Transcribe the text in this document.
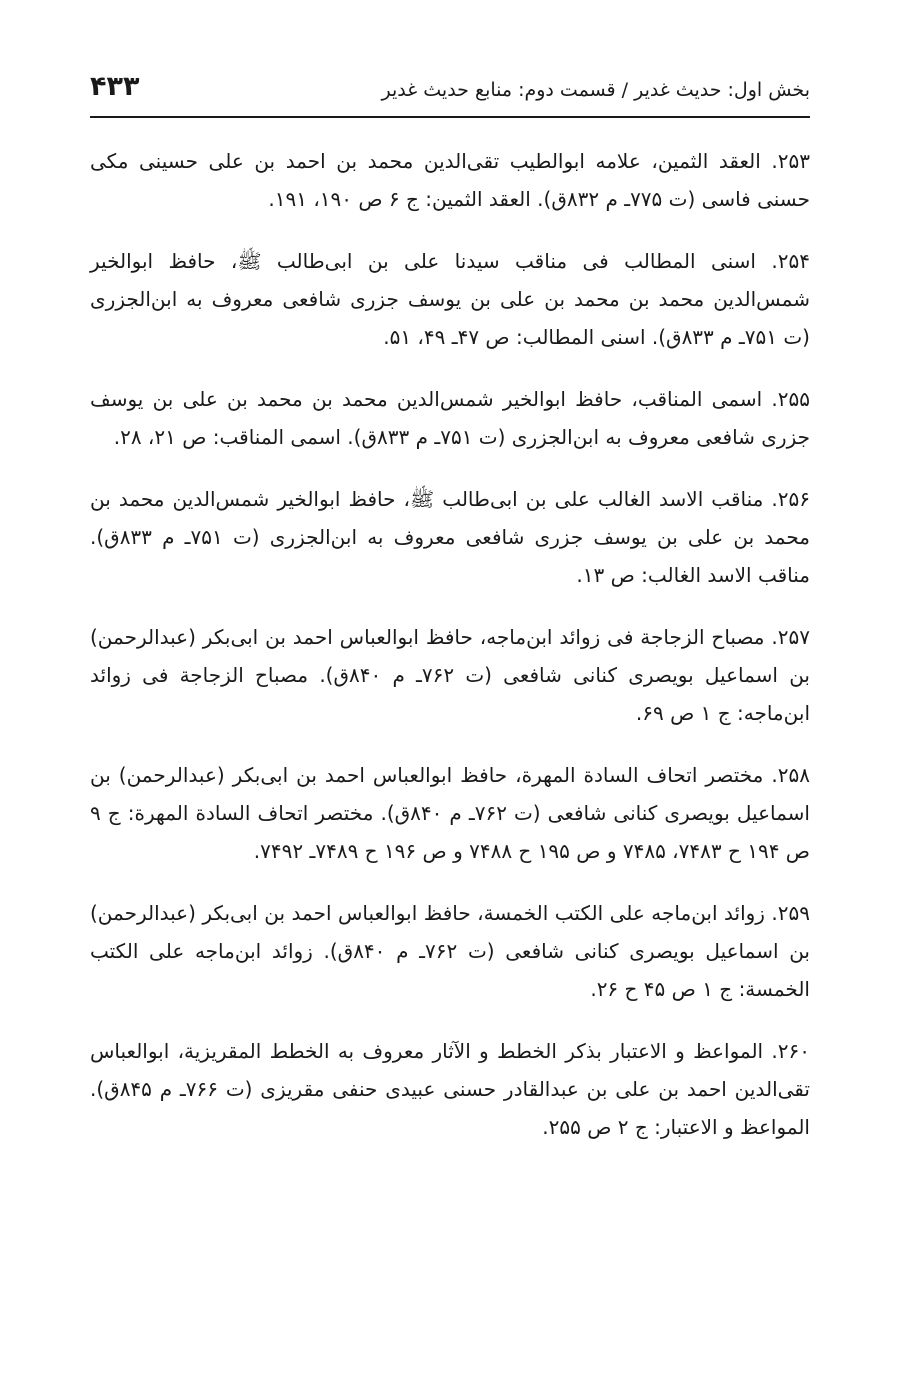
بخش اول: حدیث غدیر / قسمت دوم: منابع حدیث غدیر
۴۳۳

۲۵۳. العقد الثمین، علامه ابوالطیب تقی‌الدین محمد بن احمد بن علی حسینی مکی حسنی فاسی (ت ۷۷۵ـ م ۸۳۲ق). العقد الثمین: ج ۶ ص ۱۹۰، ۱۹۱.

۲۵۴. اسنی المطالب فی مناقب سیدنا علی بن ابی‌طالب ﷺ، حافظ ابوالخیر شمس‌الدین محمد بن محمد بن علی بن یوسف جزری شافعی معروف به ابن‌الجزری (ت ۷۵۱ـ م ۸۳۳ق). اسنی المطالب: ص ۴۷ـ ۴۹، ۵۱.

۲۵۵. اسمی المناقب، حافظ ابوالخیر شمس‌الدین محمد بن محمد بن علی بن یوسف جزری شافعی معروف به ابن‌الجزری (ت ۷۵۱ـ م ۸۳۳ق). اسمی المناقب: ص ۲۱، ۲۸.

۲۵۶. مناقب الاسد الغالب علی بن ابی‌طالب ﷺ، حافظ ابوالخیر شمس‌الدین محمد بن محمد بن علی بن یوسف جزری شافعی معروف به ابن‌الجزری (ت ۷۵۱ـ م ۸۳۳ق). مناقب الاسد الغالب: ص ۱۳.

۲۵۷. مصباح الزجاجة فی زوائد ابن‌ماجه، حافظ ابوالعباس احمد بن ابی‌بکر (عبدالرحمن) بن اسماعیل بویصری کنانی شافعی (ت ۷۶۲ـ م ۸۴۰ق). مصباح الزجاجة فی زوائد ابن‌ماجه: ج ۱ ص ۶۹.

۲۵۸. مختصر اتحاف السادة المهرة، حافظ ابوالعباس احمد بن ابی‌بکر (عبدالرحمن) بن اسماعیل بویصری کنانی شافعی (ت ۷۶۲ـ م ۸۴۰ق). مختصر اتحاف السادة المهرة: ج ۹ ص ۱۹۴ ح ۷۴۸۳، ۷۴۸۵ و ص ۱۹۵ ح ۷۴۸۸ و ص ۱۹۶ ح ۷۴۸۹ـ ۷۴۹۲.

۲۵۹. زوائد ابن‌ماجه علی الکتب الخمسة، حافظ ابوالعباس احمد بن ابی‌بکر (عبدالرحمن) بن اسماعیل بویصری کنانی شافعی (ت ۷۶۲ـ م ۸۴۰ق). زوائد ابن‌ماجه علی الکتب الخمسة: ج ۱ ص ۴۵ ح ۲۶.

۲۶۰. المواعظ و الاعتبار بذکر الخطط و الآثار معروف به الخطط المقریزیة، ابوالعباس تقی‌الدین احمد بن علی بن عبدالقادر حسنی عبیدی حنفی مقریزی (ت ۷۶۶ـ م ۸۴۵ق). المواعظ و الاعتبار: ج ۲ ص ۲۵۵.
